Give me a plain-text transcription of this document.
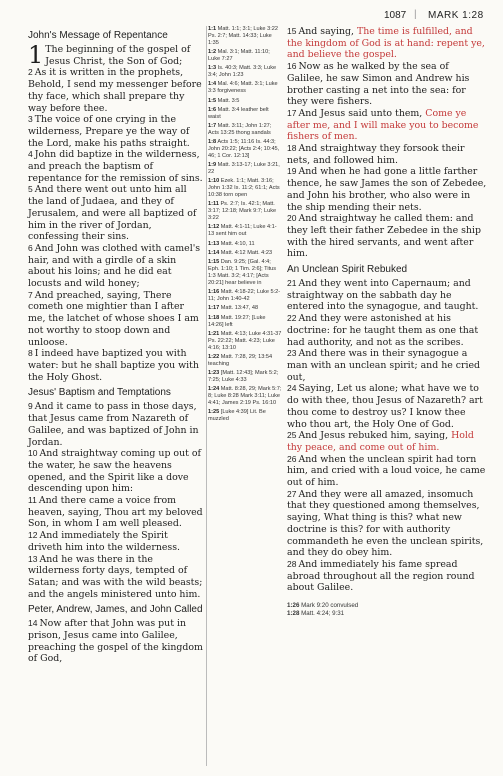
1087 | MARK 1:28
John's Message of Repentance

1 The beginning of the gospel of Jesus Christ, the Son of God;

2 As it is written in the prophets, Behold, I send my messenger before thy face, which shall prepare thy way before thee.

3 The voice of one crying in the wilderness, Prepare ye the way of the Lord, make his paths straight.

4 John did baptize in the wilderness, and preach the baptism of repentance for the remission of sins.

5 And there went out unto him all the land of Judaea, and they of Jerusalem, and were all baptized of him in the river of Jordan, confessing their sins.

6 And John was clothed with camel's hair, and with a girdle of a skin about his loins; and he did eat locusts and wild honey;

7 And preached, saying, There cometh one mightier than I after me, the latchet of whose shoes I am not worthy to stoop down and unloose.

8 I indeed have baptized you with water: but he shall baptize you with the Holy Ghost.

Jesus' Baptism and Temptations

9 And it came to pass in those days, that Jesus came from Nazareth of Galilee, and was baptized of John in Jordan.

10 And straightway coming up out of the water, he saw the heavens opened, and the Spirit like a dove descending upon him:

11 And there came a voice from heaven, saying, Thou art my beloved Son, in whom I am well pleased.

12 And immediately the Spirit driveth him into the wilderness.

13 And he was there in the wilderness forty days, tempted of Satan; and was with the wild beasts; and the angels ministered unto him.

Peter, Andrew, James, and John Called

14 Now after that John was put in prison, Jesus came into Galilee, preaching the gospel of the kingdom of God,

1:1 Matt. 1:1; 3:1; Luke 3:22 Ps. 2:7; Matt. 14:33; Luke 1:35
1:2 Mal. 3:1; Matt. 11:10; Luke 7:27
1:3 Is. 40:3; Matt. 3:3; Luke 3:4; John 1:23
1:4 Mal. 4:6; Matt. 3:1; Luke 3:3 forgiveness
1:5 Matt. 3:5
1:6 Matt. 3:4 leather belt waist
1:7 Matt. 3:11; John 1:27; Acts 13:25 thong sandals
1:8 Acts 1:5; 11:16 Is. 44:3; John 20:22; [Acts 2:4; 10:45, 46; 1 Cor. 12:13]
1:9 Matt. 3:13-17; Luke 3:21, 22
1:10 Ezek. 1:1; Matt. 3:16; John 1:32 Is. 11:2; 61:1; Acts 10:38 torn open
1:11 Ps. 2:7; Is. 42:1; Matt. 3:17; 12:18; Mark 9:7; Luke 3:22
1:12 Matt. 4:1-11; Luke 4:1-13 sent him out
1:13 Matt. 4:10, 11
1:14 Matt. 4:12 Matt. 4:23
1:15 Dan. 9:25; [Gal. 4:4; Eph. 1:10; 1 Tim. 2:6]; Titus 1:3 Matt. 3:2; 4:17; [Acts 20:21] hear believe in
1:16 Matt. 4:18-22; Luke 5:2-11; John 1:40-42
1:17 Matt. 13:47, 48
1:18 Matt. 19:27; [Luke 14:26] left
1:21 Matt. 4:13; Luke 4:31-37 Ps. 22:22; Matt. 4:23; Luke 4:16; 13:10
1:22 Matt. 7:28, 29; 13:54 teaching
1:23 [Matt. 12:43]; Mark 5:2; 7:25; Luke 4:33
1:24 Matt. 8:28, 29; Mark 5:7; 8; Luke 8:28 Mark 3:11; Luke 4:41; James 2:19 Ps. 16:10
1:25 [Luke 4:39] Lit. Be muzzled

15 And saying, The time is fulfilled, and the kingdom of God is at hand: repent ye, and believe the gospel.

16 Now as he walked by the sea of Galilee, he saw Simon and Andrew his brother casting a net into the sea: for they were fishers.

17 And Jesus said unto them, Come ye after me, and I will make you to become fishers of men.

18 And straightway they forsook their nets, and followed him.

19 And when he had gone a little farther thence, he saw James the son of Zebedee, and John his brother, who also were in the ship mending their nets.

20 And straightway he called them: and they left their father Zebedee in the ship with the hired servants, and went after him.

An Unclean Spirit Rebuked

21 And they went into Capernaum; and straightway on the sabbath day he entered into the synagogue, and taught.

22 And they were astonished at his doctrine: for he taught them as one that had authority, and not as the scribes.

23 And there was in their synagogue a man with an unclean spirit; and he cried out,

24 Saying, Let us alone; what have we to do with thee, thou Jesus of Nazareth? art thou come to destroy us? I know thee who thou art, the Holy One of God.

25 And Jesus rebuked him, saying, Hold thy peace, and come out of him.

26 And when the unclean spirit had torn him, and cried with a loud voice, he came out of him.

27 And they were all amazed, insomuch that they questioned among themselves, saying, What thing is this? what new doctrine is this? for with authority commandeth he even the unclean spirits, and they do obey him.

28 And immediately his fame spread abroad throughout all the region round about Galilee.

1:26 Mark 9:20 convulsed
1:28 Matt. 4:24; 9:31
